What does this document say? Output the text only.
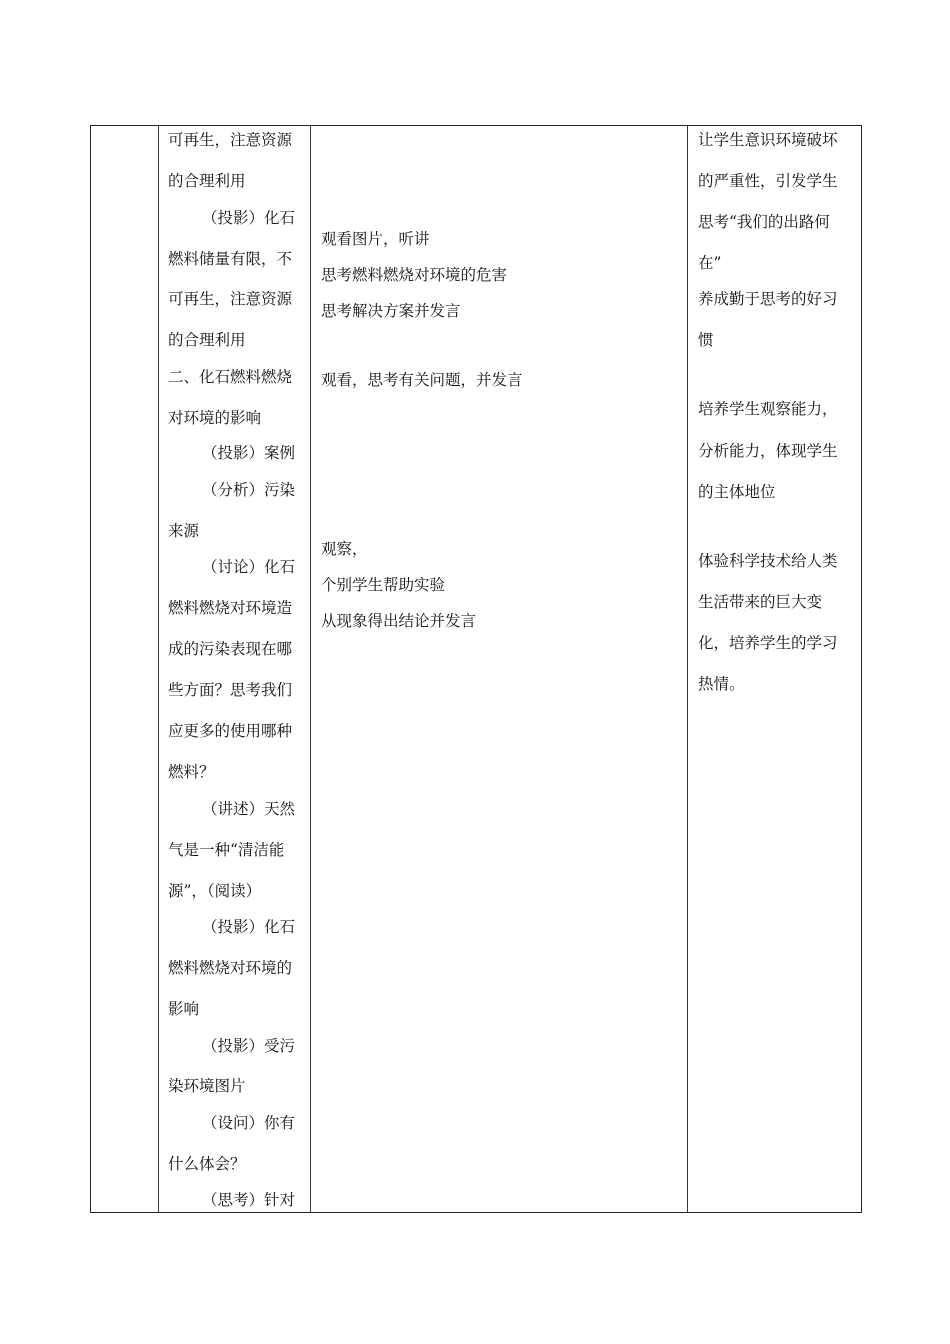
可再生，注意资源
的合理利用
（投影）化石
燃料储量有限，不
可再生，注意资源
的合理利用
二、化石燃料燃烧
对环境的影响
（投影）案例
（分析）污染
来源
（讨论）化石
燃料燃烧对环境造
成的污染表现在哪
些方面？思考我们
应更多的使用哪种
燃料？
（讲述）天然
气是一种“清洁能
源”，（阅读）
（投影）化石
燃料燃烧对环境的
影响
（投影）受污
染环境图片
（设问）你有
什么体会？
（思考）针对
观看图片，听讲
思考燃料燃烧对环境的危害
思考解决方案并发言
观看，思考有关问题，并发言
观察，
个别学生帮助实验
从现象得出结论并发言
让学生意识环境破坏
的严重性，引发学生
思考“我们的出路何
在”
养成勤于思考的好习
惯
培养学生观察能力，
分析能力，体现学生
的主体地位
体验科学技术给人类
生活带来的巨大变
化，培养学生的学习
热情。
